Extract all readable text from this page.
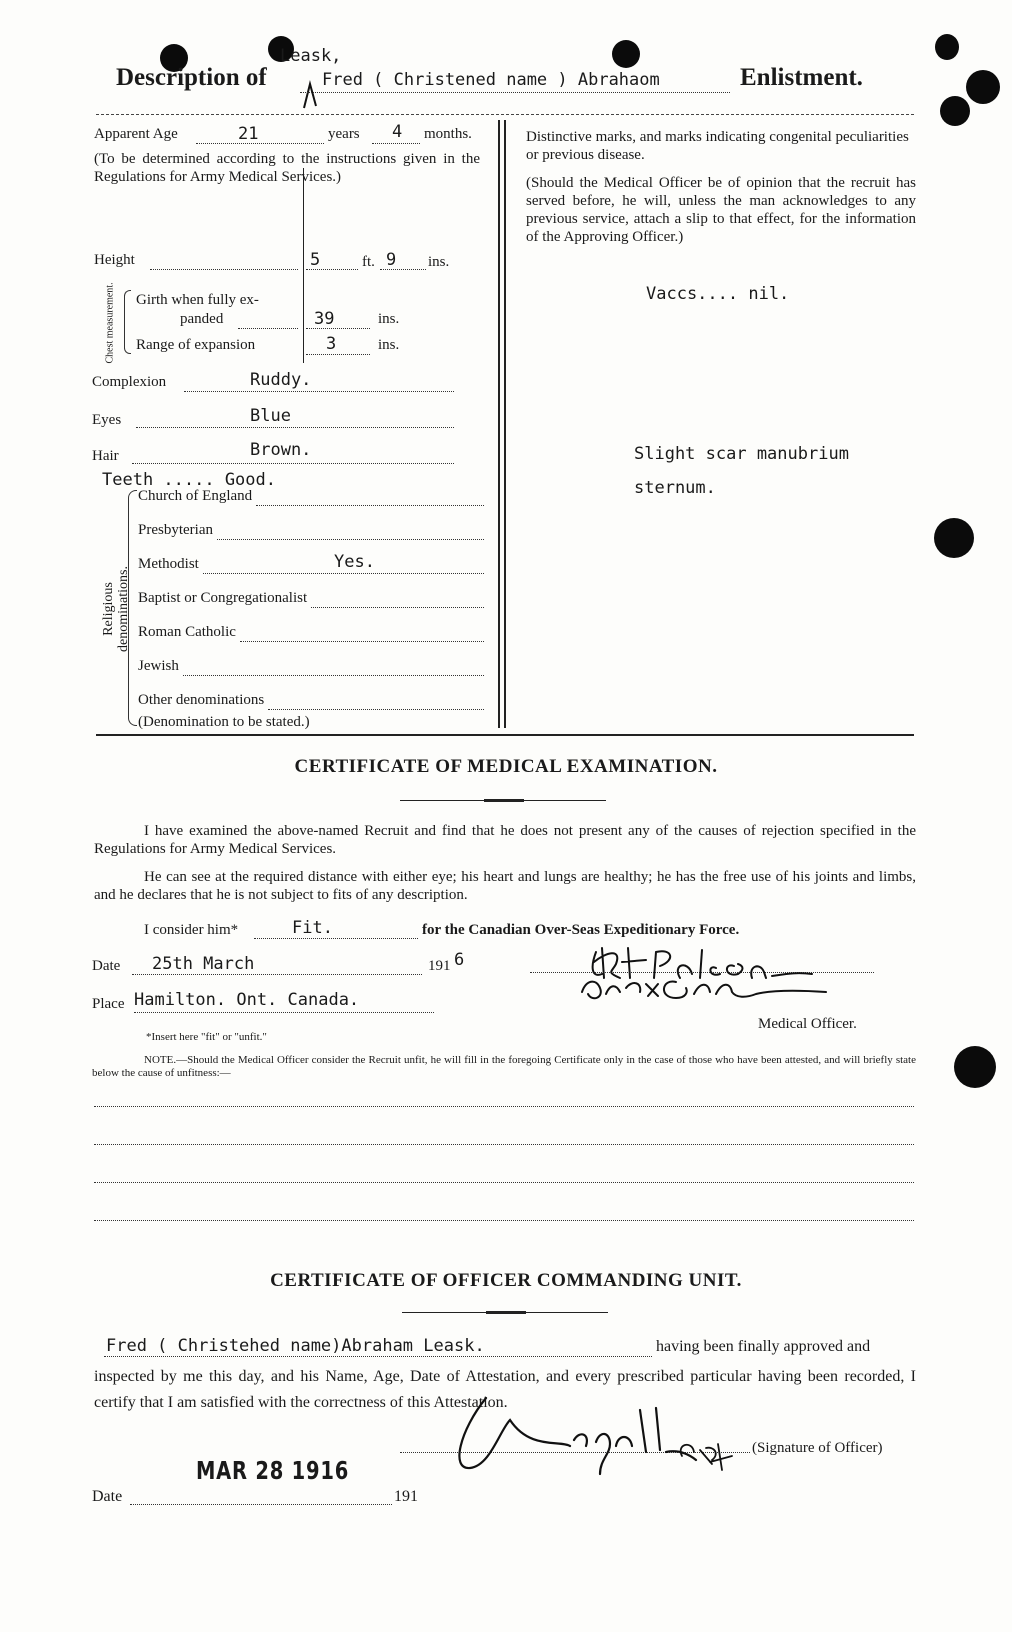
Description of
Leask,
Fred ( Christened name ) Abrahaom	Enlistment.
Apparent Age	21	years 4 months.
(To be determined according to the instructions given in the Regulations for Army Medical Services.)
Height	5	ft. 9 ins.
Chest measurement. Girth when fully ex-
panded	39	ins.
Range of expansion	3	ins.
Complexion	Ruddy.
Eyes	Blue
Hair	Brown.
Teeth ..... Good.
Religious denominations.
Church of England
Presbyterian
Methodist	Yes.
Baptist or Congregationalist
Roman Catholic
Jewish
Other denominations
(Denomination to be stated.)
Distinctive marks, and marks indicating congenital peculiarities or previous disease.
(Should the Medical Officer be of opinion that the recruit has served before, he will, unless the man acknowledges to any previous service, attach a slip to that effect, for the information of the Approving Officer.)
Vaccs.... nil.
Slight scar manubrium
sternum.
CERTIFICATE OF MEDICAL EXAMINATION.
I have examined the above-named Recruit and find that he does not present any of the causes of rejection specified in the Regulations for Army Medical Services.
He can see at the required distance with either eye; his heart and lungs are healthy; he has the free use of his joints and limbs, and he declares that he is not subject to fits of any description.
I consider him*	Fit.	for the Canadian Over-Seas Expeditionary Force.
Date 25th March	191 6
Place Hamilton. Ont. Canada.
Medical Officer.
*Insert here "fit" or "unfit."
NOTE.—Should the Medical Officer consider the Recruit unfit, he will fill in the foregoing Certificate only in the case of those who have been attested, and will briefly state below the cause of unfitness:—
CERTIFICATE OF OFFICER COMMANDING UNIT.
Fred ( Christehed name)Abraham Leask.	having been finally approved and
inspected by me this day, and his Name, Age, Date of Attestation, and every prescribed particular having been recorded, I certify that I am satisfied with the correctness of this Attestation.
(Signature of Officer)
MAR 28 1916
Date	191
